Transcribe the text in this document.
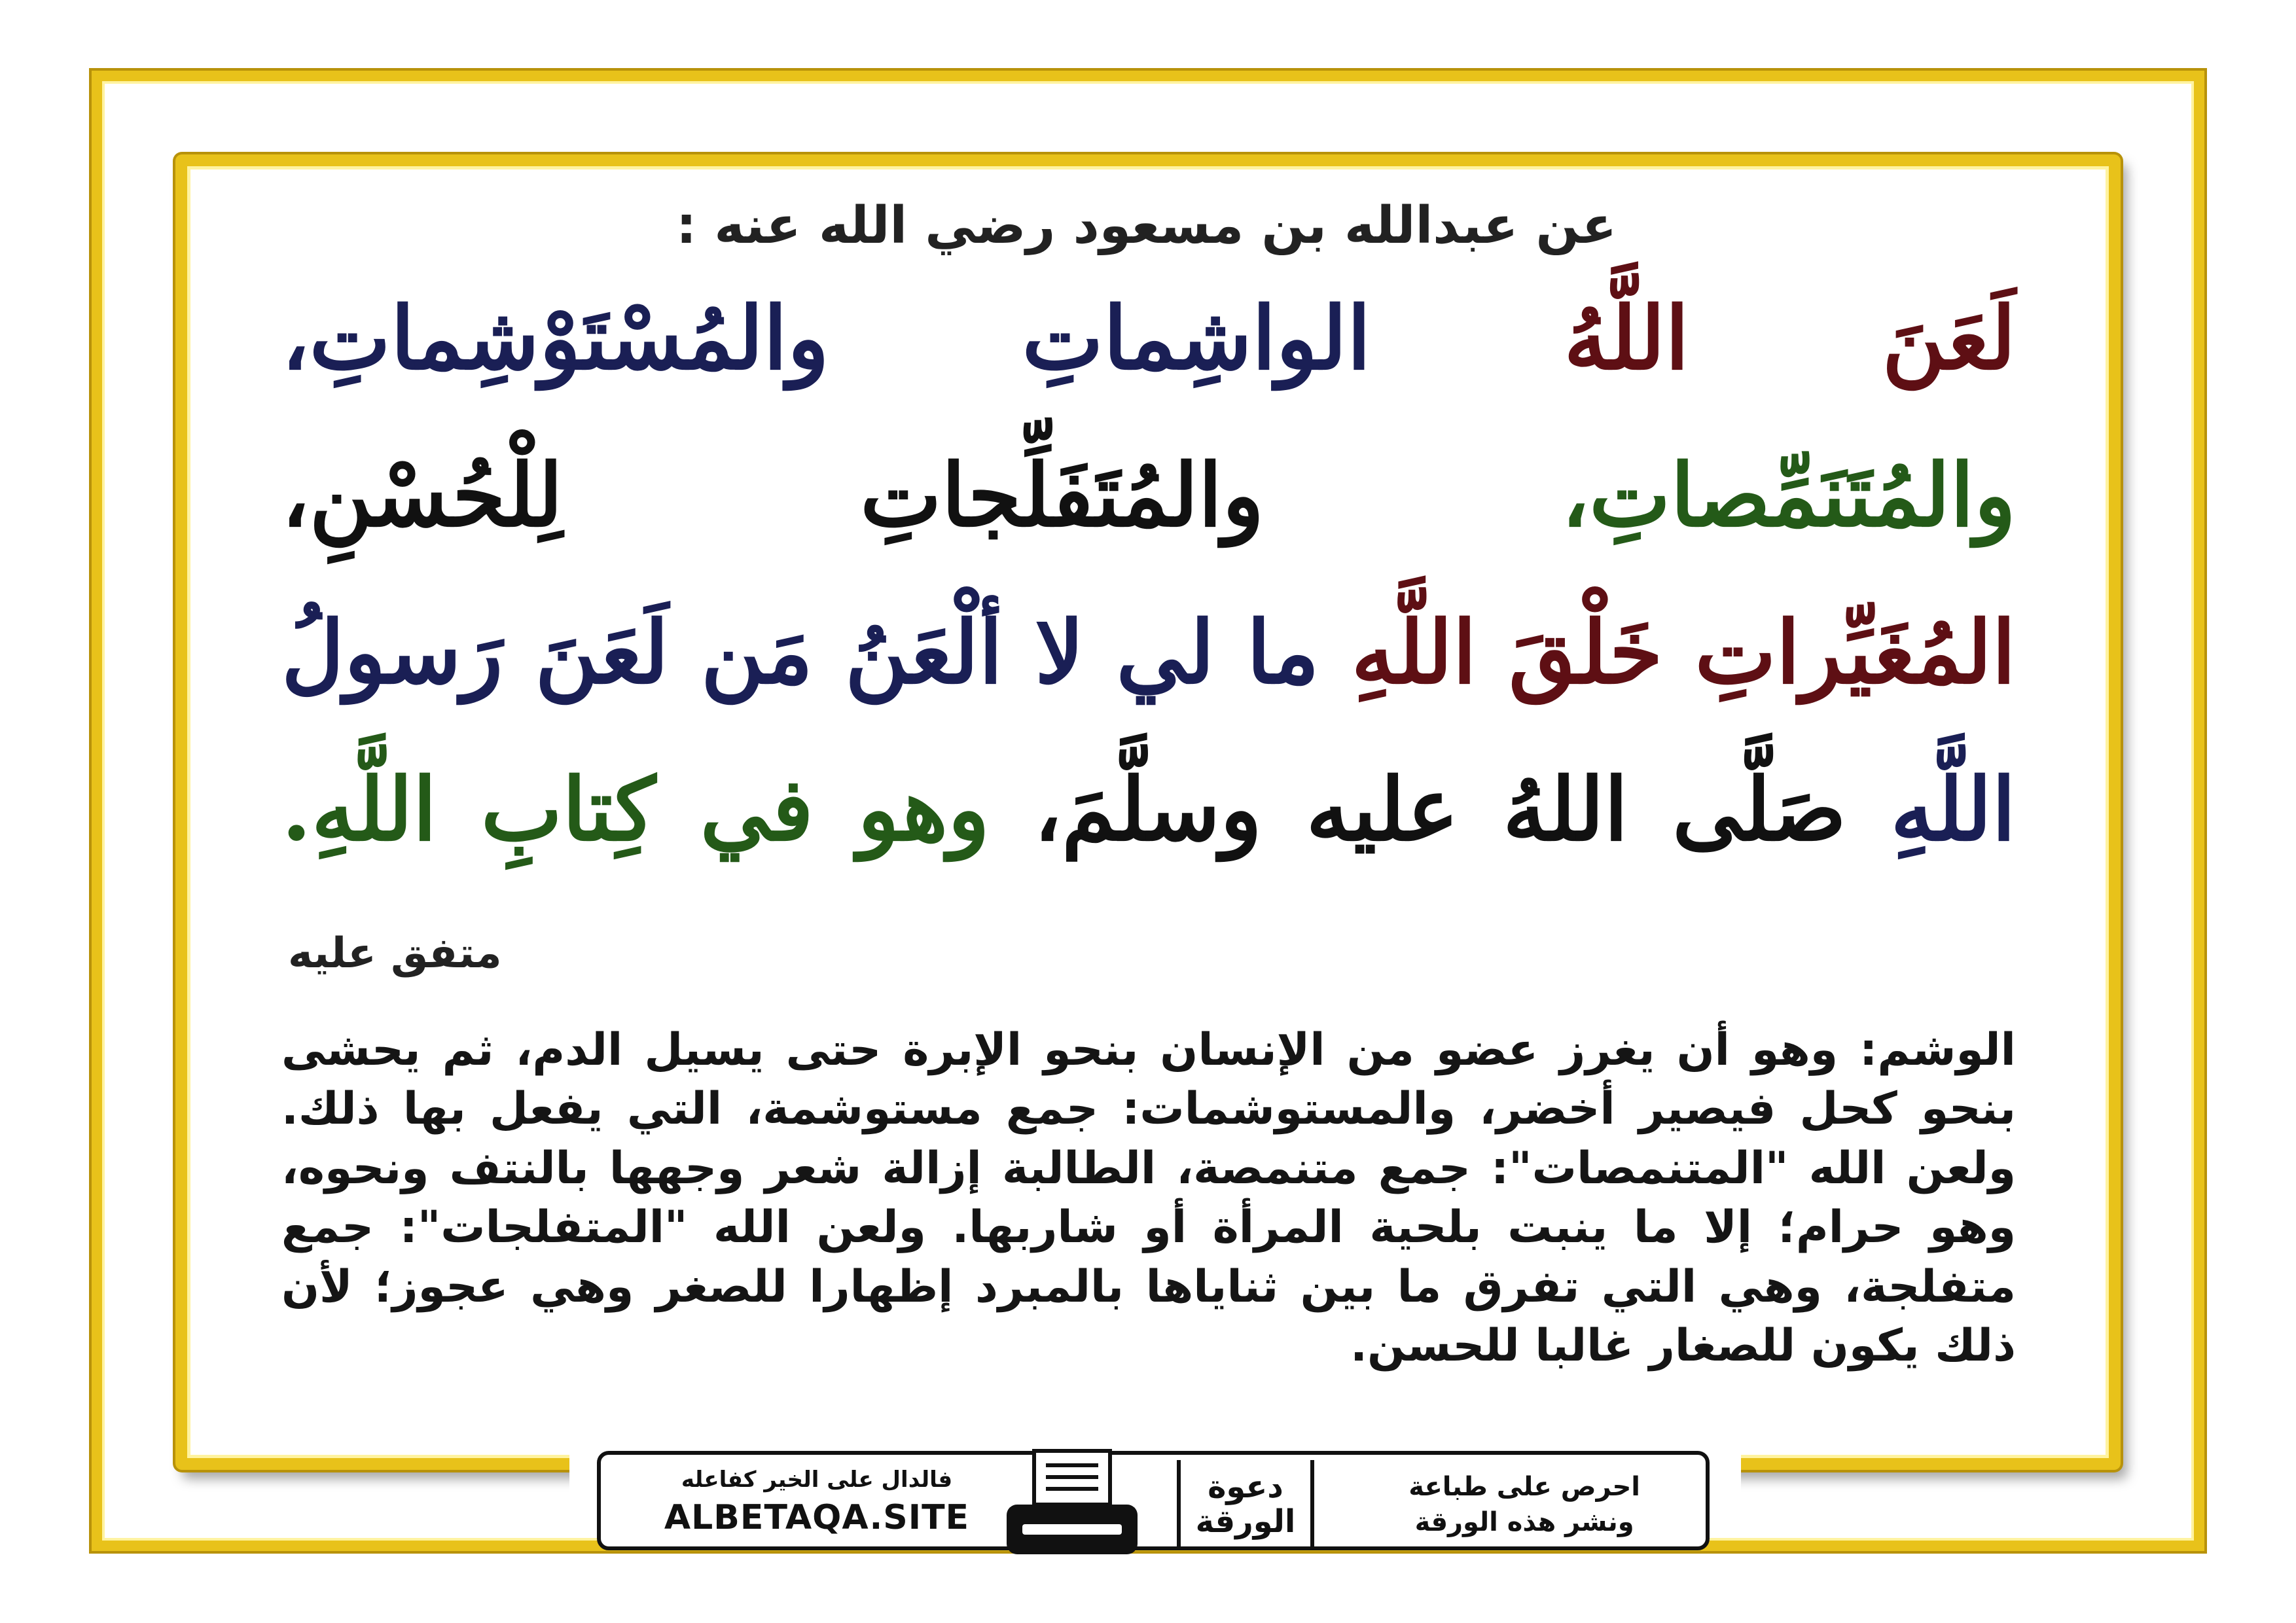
عن عبدالله بن مسعود رضي الله عنه :

لَعَنَ اللَّهُ الواشِماتِ والمُسْتَوْشِماتِ،

والمُتَنَمِّصاتِ، والمُتَفَلِّجاتِ لِلْحُسْنِ،

المُغَيِّراتِ خَلْقَ اللَّهِ ما لي لا ألْعَنُ مَن لَعَنَ رَسولُ

اللَّهِ صَلَّى اللهُ عليه وسلَّمَ، وهو في كِتابِ اللَّهِ.

متفق عليه

الوشم: وهو أن يغرز عضو من الإنسان بنحو الإبرة حتى يسيل الدم، ثم يحشى بنحو كحل فيصير أخضر، والمستوشمات: جمع مستوشمة، التي يفعل بها ذلك. ولعن الله "المتنمصات": جمع متنمصة، الطالبة إزالة شعر وجهها بالنتف ونحوه، وهو حرام؛ إلا ما ينبت بلحية المرأة أو شاربها. ولعن الله "المتفلجات": جمع متفلجة، وهي التي تفرق ما بين ثناياها بالمبرد إظهارا للصغر وهي عجوز؛ لأن ذلك يكون للصغار غالبا للحسن.

فالدال على الخير كفاعله
ALBETAQA.SITE
دعوة
الورقة
احرص على طباعة
ونشر هذه الورقة
